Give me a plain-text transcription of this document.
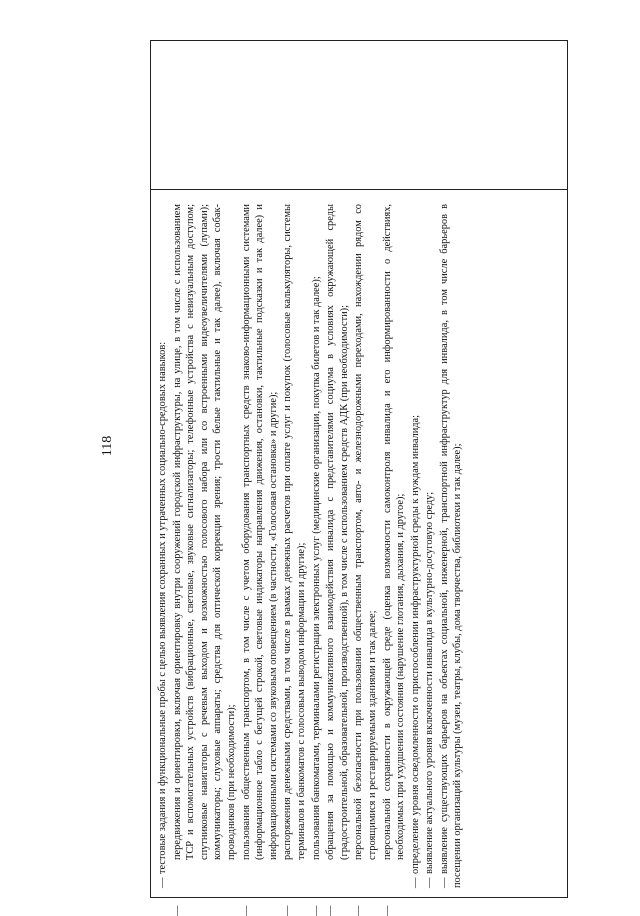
118
—тестовые задания и функциональные пробы с целью выявления сохранных и утраченных социально-средовых навыков:
—передвижения и ориентировки, включая ориентировку внутри сооружений городской инфраструктуры, на улице, в том числе с использованием ТСР и вспомогательных устройств (вибрационные, световые, звуковые сигнализаторы; телефонные устройства с невизуальным доступом; спутниковые навигаторы с речевым выходом и возможностью голосового набора или со встроенными видеоувеличителями (лупами); коммуникаторы; слуховые аппараты; средства для оптической коррекции зрения; трости белые тактильные и так далее), включая собак-проводников (при необходимости);
—пользования общественным транспортом, в том числе с учетом оборудования транспортных средств знаково-информационными системами (информационное табло с бегущей строкой, световые индикаторы направления движения, остановки, тактильные подсказки и так далее) и информационными системами со звуковым оповещением (в частности, «Голосовая остановка» и другие);
—распоряжения денежными средствами, в том числе в рамках денежных расчетов при оплате услуг и покупок (голосовые калькуляторы, системы терминалов и банкоматов с голосовым выводом информации и другие);
—пользования банкоматами, терминалами регистрации электронных услуг (медицинские организации, покупка билетов и так далее);
—обращения за помощью и коммуникативного взаимодействия инвалида с представителями социума в условиях окружающей среды (градостроительной, образовательной, производственной), в том числе с использованием средств АДК (при необходимости);
—персональной безопасности при пользовании общественным транспортом, авто- и железнодорожными переходами, нахождении рядом со строящимися и реставрируемыми зданиями и так далее;
—персональной сохранности в окружающей среде (оценка возможности самоконтроля инвалида и его информированности о действиях, необходимых при ухудшении состояния (нарушение глотания, дыхания, и другое);
—определение уровня осведомленности о приспособлении инфраструктурной среды к нуждам инвалида;
—выявление актуального уровня включенности инвалида в культурно-досуговую среду;
—выявление существующих барьеров на объектах социальной, инженерной, транспортной инфраструктур для инвалида, в том числе барьеров в посещении организаций культуры (музеи, театры, клубы, дома творчества, библиотеки и так далее);
